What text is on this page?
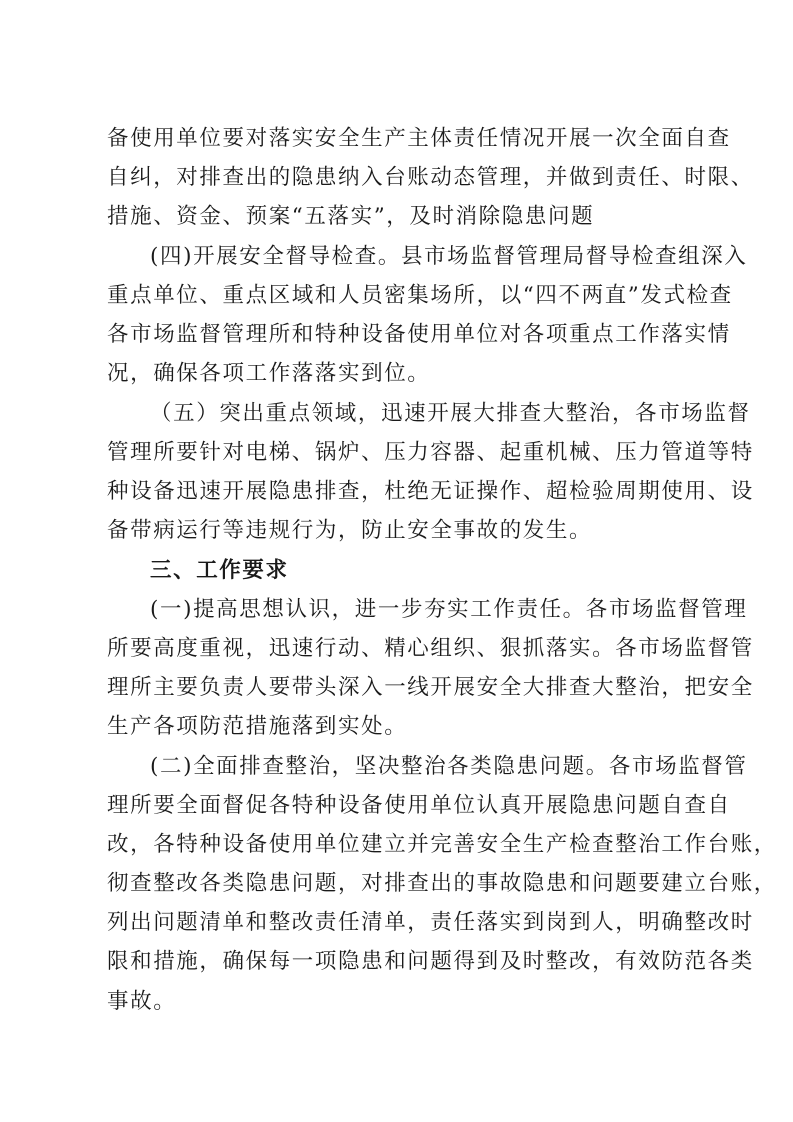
备使用单位要对落实安全生产主体责任情况开展一次全面自查
自纠，对排查出的隐患纳入台账动态管理，并做到责任、时限、
措施、资金、预案“五落实”，及时消除隐患问题
(四)开展安全督导检查。县市场监督管理局督导检查组深入
重点单位、重点区域和人员密集场所，以“四不两直”发式检查
各市场监督管理所和特种设备使用单位对各项重点工作落实情
况，确保各项工作落落实到位。
（五）突出重点领域，迅速开展大排查大整治，各市场监督
管理所要针对电梯、锅炉、压力容器、起重机械、压力管道等特
种设备迅速开展隐患排查，杜绝无证操作、超检验周期使用、设
备带病运行等违规行为，防止安全事故的发生。
三、工作要求
(一)提高思想认识，进一步夯实工作责任。各市场监督管理
所要高度重视，迅速行动、精心组织、狠抓落实。各市场监督管
理所主要负责人要带头深入一线开展安全大排查大整治，把安全
生产各项防范措施落到实处。
(二)全面排查整治，坚决整治各类隐患问题。各市场监督管
理所要全面督促各特种设备使用单位认真开展隐患问题自查自
改，各特种设备使用单位建立并完善安全生产检查整治工作台账，
彻查整改各类隐患问题，对排查出的事故隐患和问题要建立台账，
列出问题清单和整改责任清单，责任落实到岗到人，明确整改时
限和措施，确保每一项隐患和问题得到及时整改，有效防范各类
事故。
